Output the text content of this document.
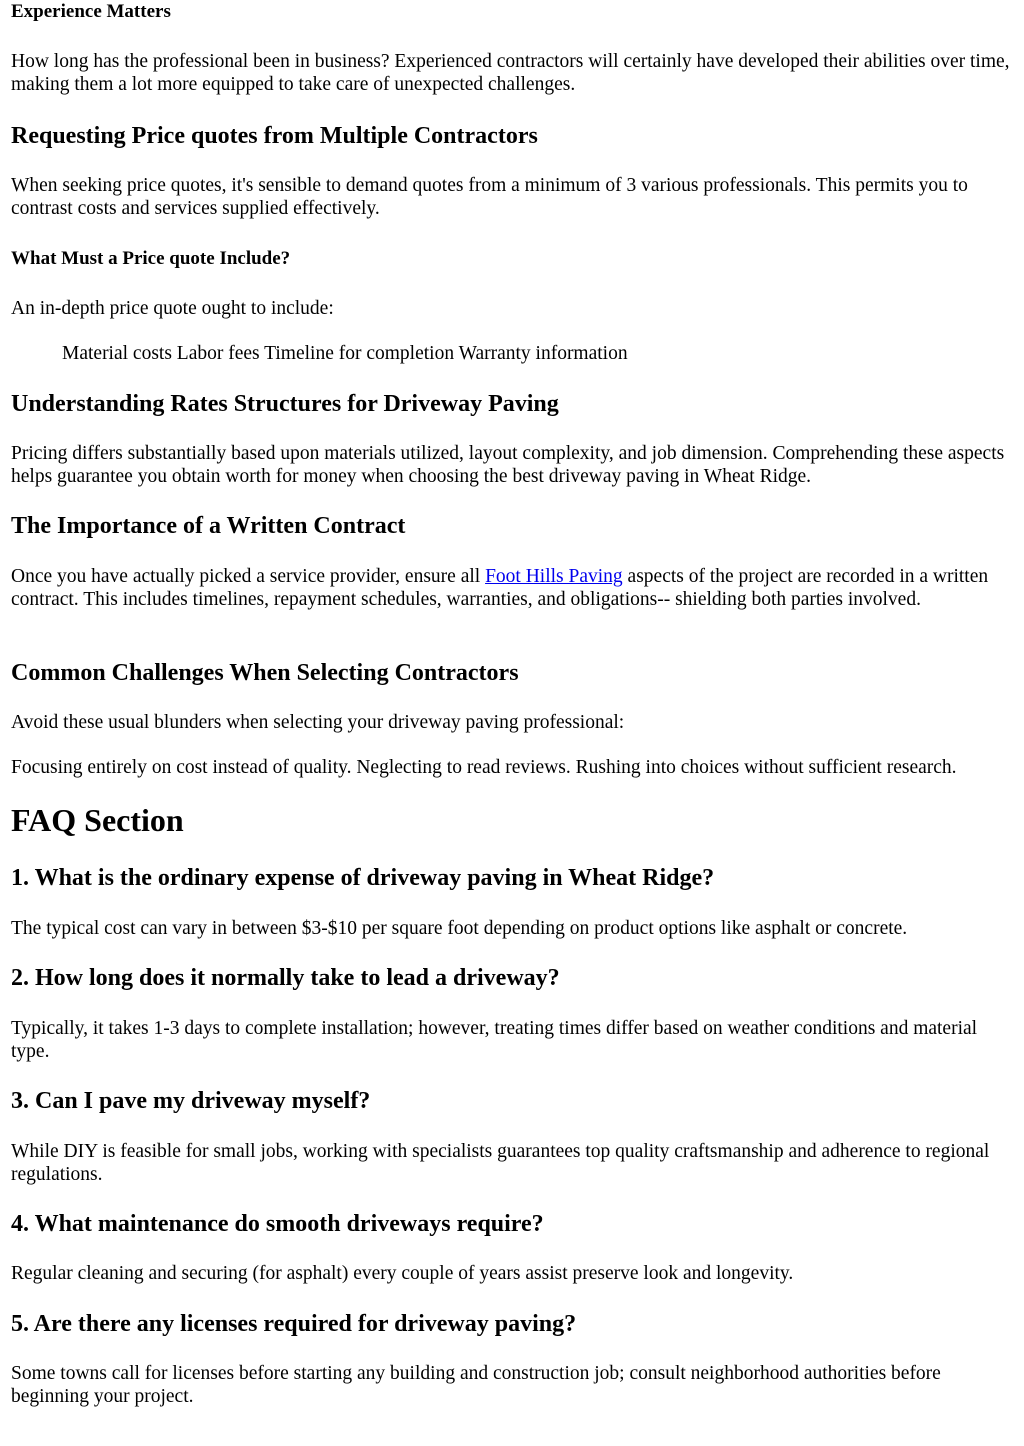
Experience Matters

How long has the professional been in business? Experienced contractors will certainly have developed their abilities over time, making them a lot more equipped to take care of unexpected challenges.

Requesting Price quotes from Multiple Contractors

When seeking price quotes, it's sensible to demand quotes from a minimum of 3 various professionals. This permits you to contrast costs and services supplied effectively.

What Must a Price quote Include?

An in-depth price quote ought to include:

Material costs Labor fees Timeline for completion Warranty information

Understanding Rates Structures for Driveway Paving

Pricing differs substantially based upon materials utilized, layout complexity, and job dimension. Comprehending these aspects helps guarantee you obtain worth for money when choosing the best driveway paving in Wheat Ridge.

The Importance of a Written Contract

Once you have actually picked a service provider, ensure all Foot Hills Paving aspects of the project are recorded in a written contract. This includes timelines, repayment schedules, warranties, and obligations-- shielding both parties involved.

Common Challenges When Selecting Contractors

Avoid these usual blunders when selecting your driveway paving professional:

Focusing entirely on cost instead of quality. Neglecting to read reviews. Rushing into choices without sufficient research.

FAQ Section
1. What is the ordinary expense of driveway paving in Wheat Ridge?

The typical cost can vary in between $3-$10 per square foot depending on product options like asphalt or concrete.

2. How long does it normally take to lead a driveway?

Typically, it takes 1-3 days to complete installation; however, treating times differ based on weather conditions and material type.

3. Can I pave my driveway myself?

While DIY is feasible for small jobs, working with specialists guarantees top quality craftsmanship and adherence to regional regulations.

4. What maintenance do smooth driveways require?

Regular cleaning and securing (for asphalt) every couple of years assist preserve look and longevity.

5. Are there any licenses required for driveway paving?

Some towns call for licenses before starting any building and construction job; consult neighborhood authorities before beginning your project.
